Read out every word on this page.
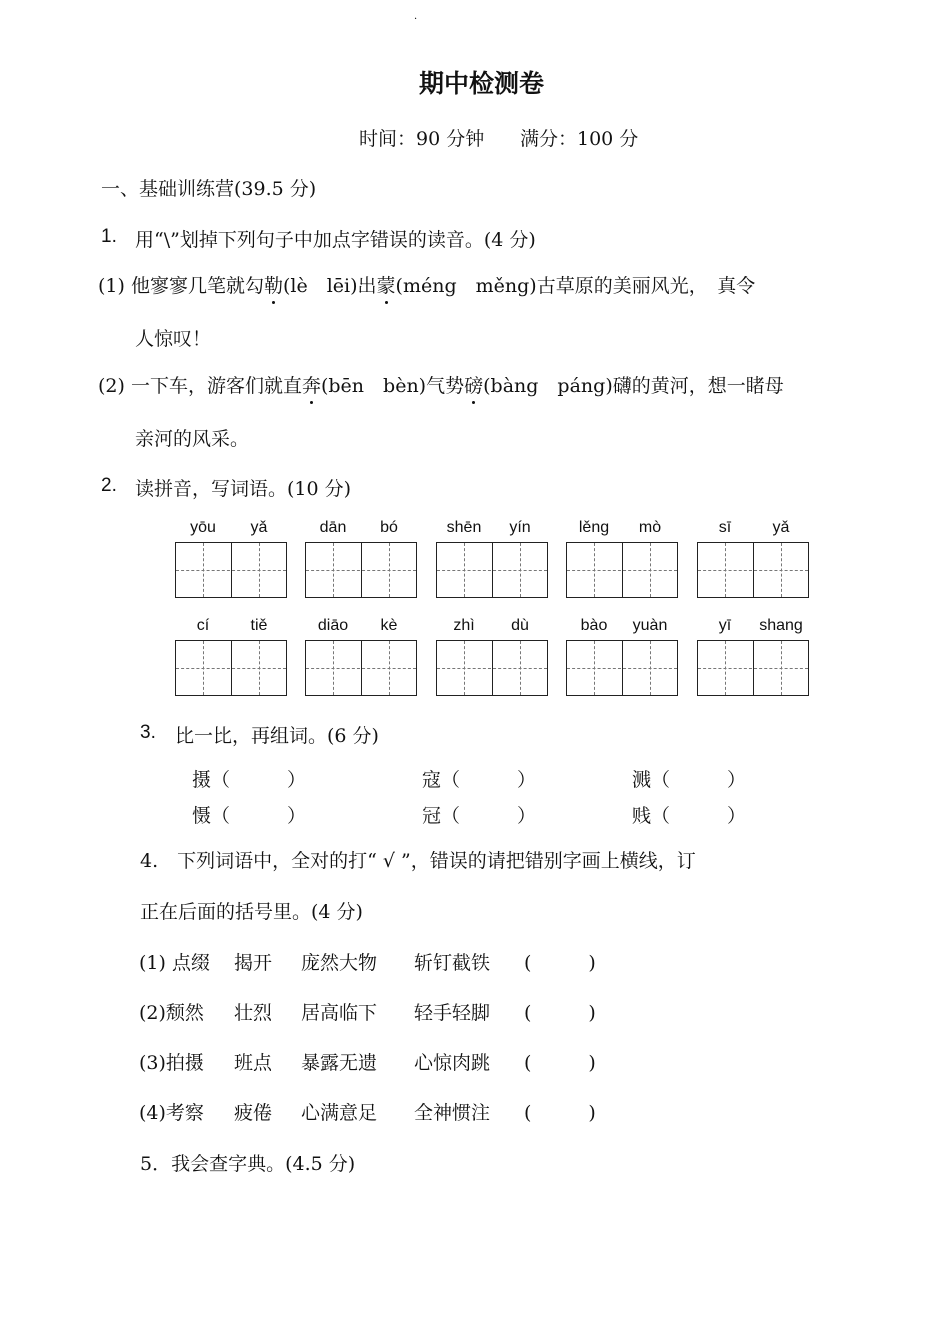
·
期中检测卷
时间：90 分钟 满分：100 分
一、基础训练营(39.5 分)
1. 用“\”划掉下列句子中加点字错误的读音。(4 分)
(1) 他寥寥几笔就勾勒(lè　lēi)出蒙(méng　měng)古草原的美丽风光，　真令
人惊叹！
(2) 一下车，游客们就直奔(bēn　bèn)气势磅(bàng　páng)礴的黄河，想一睹母
亲河的风采。
2. 读拼音，写词语。(10 分)
yōu	yǎ	dān	bó	shēn	yín	lěng	mò	sī	yǎ
cí	tiě	diāo	kè	zhì	dù	bào	yuàn	yī	shang
3. 比一比，再组词。(6 分)
摄（　　　）	寇（　　　）	溅（　　　）
慑（　　　）	冠（　　　）	贱（　　　）
4.　下列词语中，全对的打“ √ ”，错误的请把错别字画上横线，订
正在后面的括号里。(4 分)
(1) 点缀 揭开 庞然大物 斩钉截铁 (　　　)
(2)颓然 壮烈 居高临下 轻手轻脚 (　　　)
(3)拍摄 班点 暴露无遗 心惊肉跳 (　　　)
(4)考察 疲倦 心满意足 全神惯注 (　　　)
5．我会查字典。(4.5 分)
